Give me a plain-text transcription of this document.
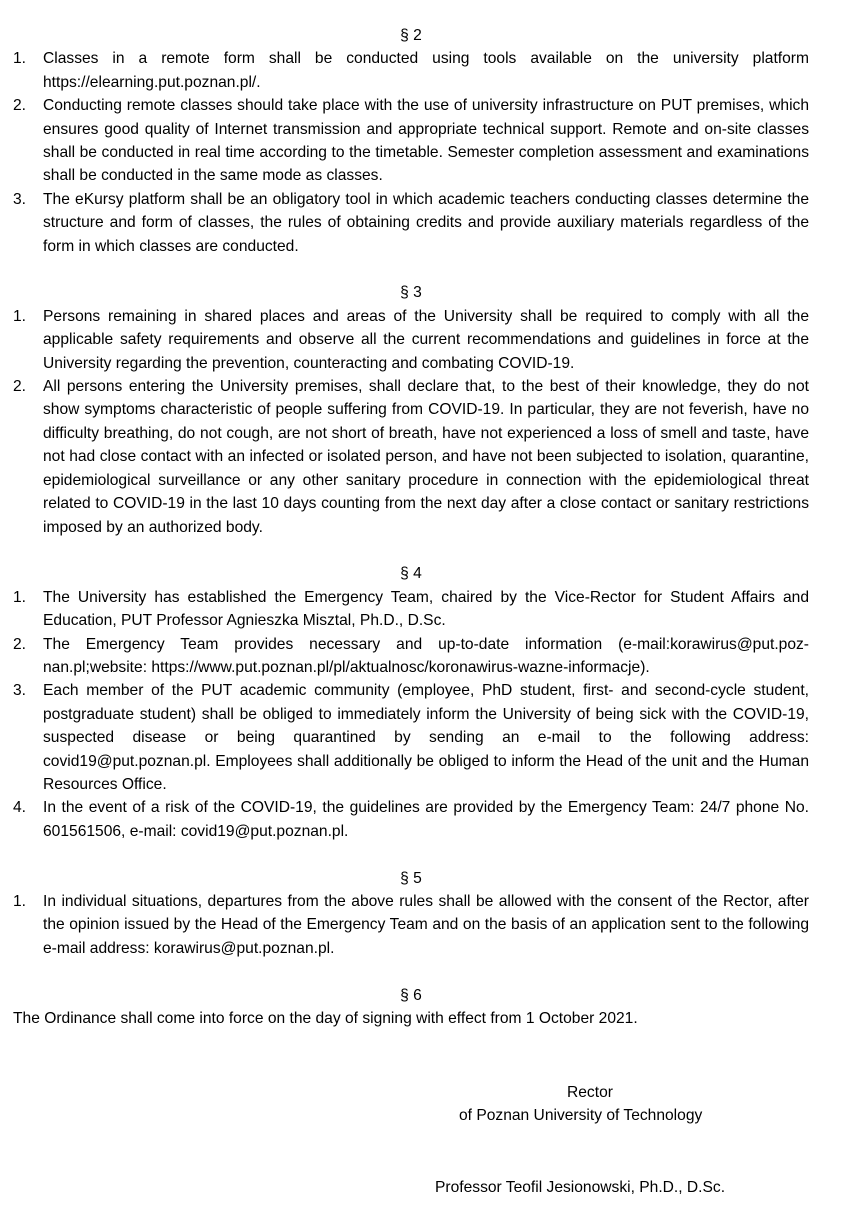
§ 2

1. Classes in a remote form shall be conducted using tools available on the university platform https://elearning.put.poznan.pl/.
2. Conducting remote classes should take place with the use of university infrastructure on PUT premises, which ensures good quality of Internet transmission and appropriate technical support. Remote and on-site classes shall be conducted in real time according to the timetable. Semester completion assessment and examinations shall be conducted in the same mode as classes.
3. The eKursy platform shall be an obligatory tool in which academic teachers conducting classes determine the structure and form of classes, the rules of obtaining credits and provide auxiliary materials regardless of the form in which classes are conducted.

§ 3

1. Persons remaining in shared places and areas of the University shall be required to comply with all the applicable safety requirements and observe all the current recommendations and guidelines in force at the University regarding the prevention, counteracting and combating COVID-19.
2. All persons entering the University premises, shall declare that, to the best of their knowledge, they do not show symptoms characteristic of people suffering from COVID-19. In particular, they are not feverish, have no difficulty breathing, do not cough, are not short of breath, have not experienced a loss of smell and taste, have not had close contact with an infected or isolated person, and have not been subjected to isolation, quarantine, epidemiological surveillance or any other sanitary procedure in connection with the epidemiological threat related to COVID-19 in the last 10 days counting from the next day after a close contact or sanitary restrictions imposed by an authorized body.

§ 4

1. The University has established the Emergency Team, chaired by the Vice-Rector for Student Affairs and Education, PUT Professor Agnieszka Misztal, Ph.D., D.Sc.
2. The Emergency Team provides necessary and up-to-date information (e-mail:korawirus@put.poz-nan.pl;website: https://www.put.poznan.pl/pl/aktualnosc/koronawirus-wazne-informacje).
3. Each member of the PUT academic community (employee, PhD student, first- and second-cycle student, postgraduate student) shall be obliged to immediately inform the University of being sick with the COVID-19, suspected disease or being quarantined by sending an e-mail to the following address: covid19@put.poznan.pl. Employees shall additionally be obliged to inform the Head of the unit and the Human Resources Office.
4. In the event of a risk of the COVID-19, the guidelines are provided by the Emergency Team: 24/7 phone No. 601561506, e-mail: covid19@put.poznan.pl.

§ 5

1. In individual situations, departures from the above rules shall be allowed with the consent of the Rector, after the opinion issued by the Head of the Emergency Team and on the basis of an application sent to the following e-mail address: korawirus@put.poznan.pl.

§ 6

The Ordinance shall come into force on the day of signing with effect from 1 October 2021.

Rector
of Poznan University of Technology
Professor Teofil Jesionowski, Ph.D., D.Sc.
